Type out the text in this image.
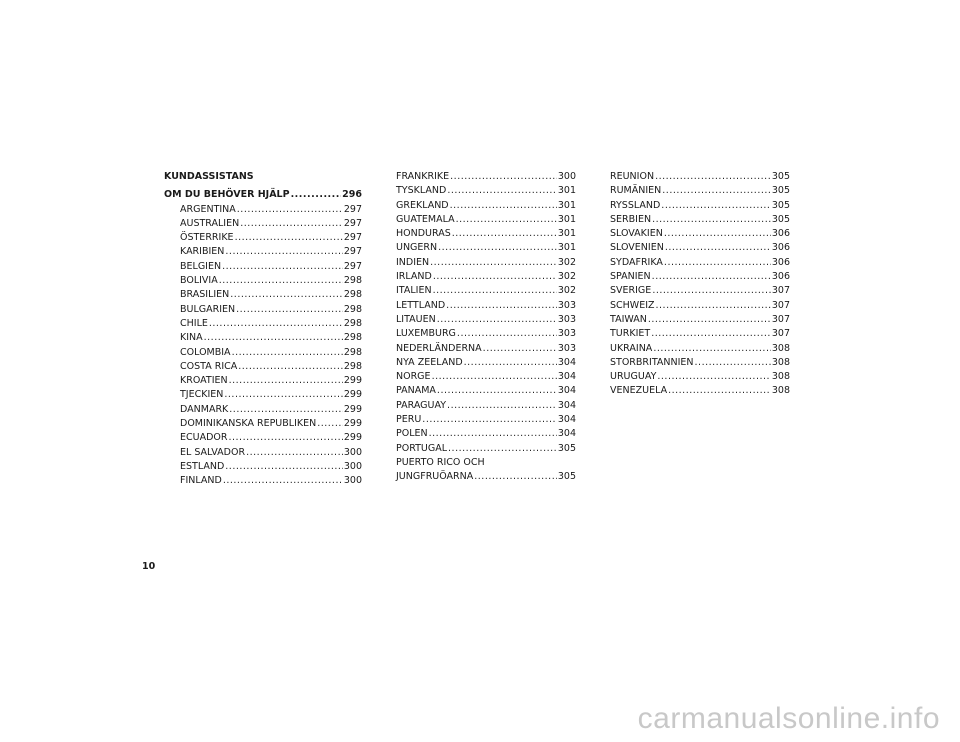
KUNDASSISTANS
OM DU BEHÖVER HJÄLP .....	296
ARGENTINA .....	297
AUSTRALIEN .....	297
ÖSTERRIKE .....	297
KARIBIEN .....	297
BELGIEN .....	297
BOLIVIA .....	298
BRASILIEN .....	298
BULGARIEN .....	298
CHILE .....	298
KINA .....	298
COLOMBIA .....	298
COSTA RICA .....	298
KROATIEN .....	299
TJECKIEN .....	299
DANMARK .....	299
DOMINIKANSKA REPUBLIKEN .....	299
ECUADOR .....	299
EL SALVADOR .....	300
ESTLAND .....	300
FINLAND .....	300
FRANKRIKE .....	300
TYSKLAND .....	301
GREKLAND .....	301
GUATEMALA .....	301
HONDURAS .....	301
UNGERN .....	301
INDIEN .....	302
IRLAND .....	302
ITALIEN .....	302
LETTLAND .....	303
LITAUEN .....	303
LUXEMBURG .....	303
NEDERLÄNDERNA .....	303
NYA ZEELAND .....	304
NORGE .....	304
PANAMA .....	304
PARAGUAY .....	304
PERU .....	304
POLEN .....	304
PORTUGAL .....	305
PUERTO RICO OCH
JUNGFRUÖARNA .....	305
REUNION .....	305
RUMÄNIEN .....	305
RYSSLAND .....	305
SERBIEN .....	305
SLOVAKIEN .....	306
SLOVENIEN .....	306
SYDAFRIKA .....	306
SPANIEN .....	306
SVERIGE .....	307
SCHWEIZ .....	307
TAIWAN .....	307
TURKIET .....	307
UKRAINA .....	308
STORBRITANNIEN .....	308
URUGUAY .....	308
VENEZUELA .....	308
10
carmanualsonline.info
